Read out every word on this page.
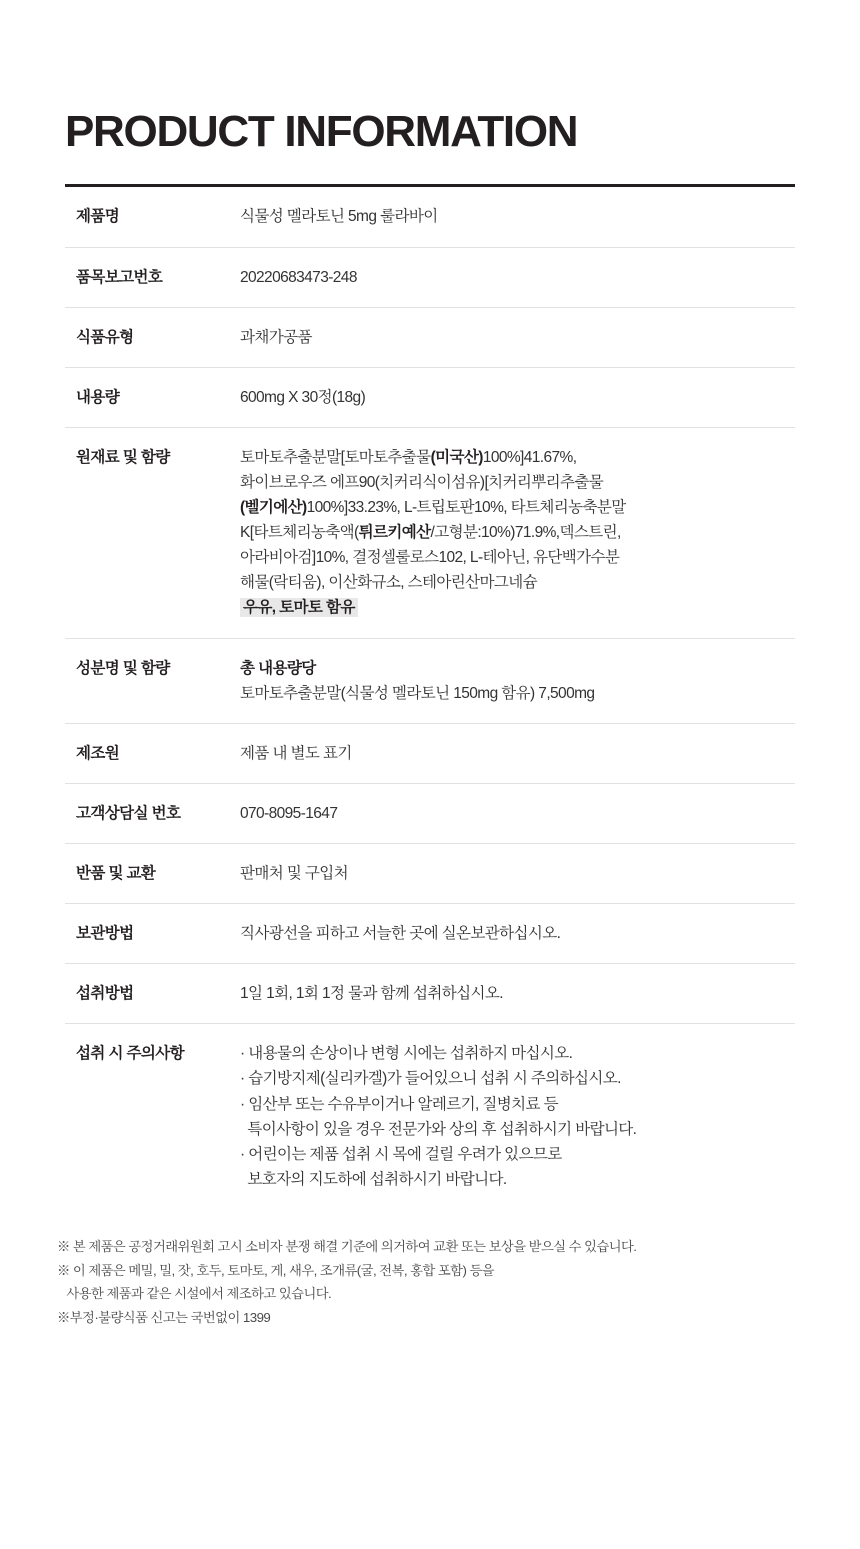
PRODUCT INFORMATION
제품명	식물성 멜라토닌 5mg 룰라바이

품목보고번호	20220683473-248

식품유형	과채가공품

내용량	600mg X 30정(18g)

원재료 및 함량	토마토추출분말[토마토추출물(미국산)100%]41.67%,
화이브로우즈 에프90(치커리식이섬유)[치커리뿌리추출물
(벨기에산)100%]33.23%, L-트립토판10%, 타트체리농축분말
K[타트체리농축액(튀르키예산/고형분:10%)71.9%,덱스트린,
아라비아검]10%, 결정셀룰로스102, L-테아닌, 유단백가수분
해물(락티움), 이산화규소, 스테아린산마그네슘
우유, 토마토 함유

성분명 및 함량	총 내용량당
토마토추출분말(식물성 멜라토닌 150mg 함유) 7,500mg

제조원	제품 내 별도 표기

고객상담실 번호	070-8095-1647

반품 및 교환	판매처 및 구입처

보관방법	직사광선을 피하고 서늘한 곳에 실온보관하십시오.

섭취방법	1일 1회, 1회 1정 물과 함께 섭취하십시오.

섭취 시 주의사항	· 내용물의 손상이나 변형 시에는 섭취하지 마십시오.
· 습기방지제(실리카겔)가 들어있으니 섭취 시 주의하십시오.
· 임산부 또는 수유부이거나 알레르기, 질병치료 등
특이사항이 있을 경우 전문가와 상의 후 섭취하시기 바랍니다.
· 어린이는 제품 섭취 시 목에 걸릴 우려가 있으므로
보호자의 지도하에 섭취하시기 바랍니다.
※ 본 제품은 공정거래위원회 고시 소비자 분쟁 해결 기준에 의거하여 교환 또는 보상을 받으실 수 있습니다.
※ 이 제품은 메밀, 밀, 잣, 호두, 토마토, 게, 새우, 조개류(굴, 전복, 홍합 포함) 등을
사용한 제품과 같은 시설에서 제조하고 있습니다.
※부정·불량식품 신고는 국번없이 1399
